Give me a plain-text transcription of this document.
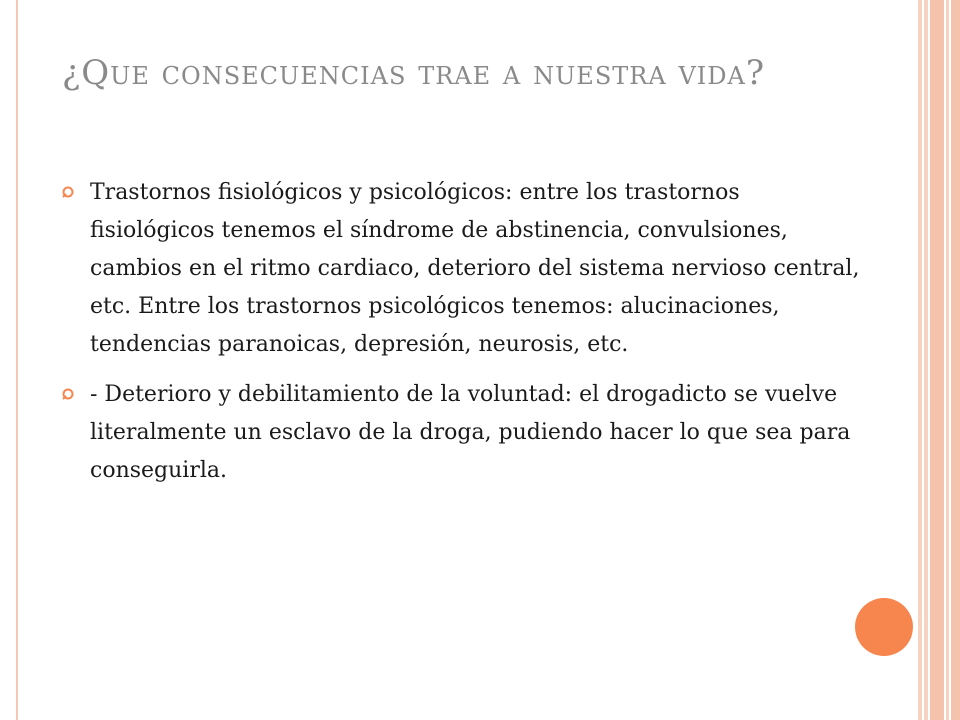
¿Que consecuencias trae a nuestra vida?
Trastornos fisiológicos y psicológicos: entre los trastornos fisiológicos tenemos el síndrome de abstinencia, convulsiones, cambios en el ritmo cardiaco, deterioro del sistema nervioso central, etc. Entre los trastornos psicológicos tenemos: alucinaciones, tendencias paranoicas, depresión, neurosis, etc.
- Deterioro y debilitamiento de la voluntad: el drogadicto se vuelve literalmente un esclavo de la droga, pudiendo hacer lo que sea para conseguirla.
